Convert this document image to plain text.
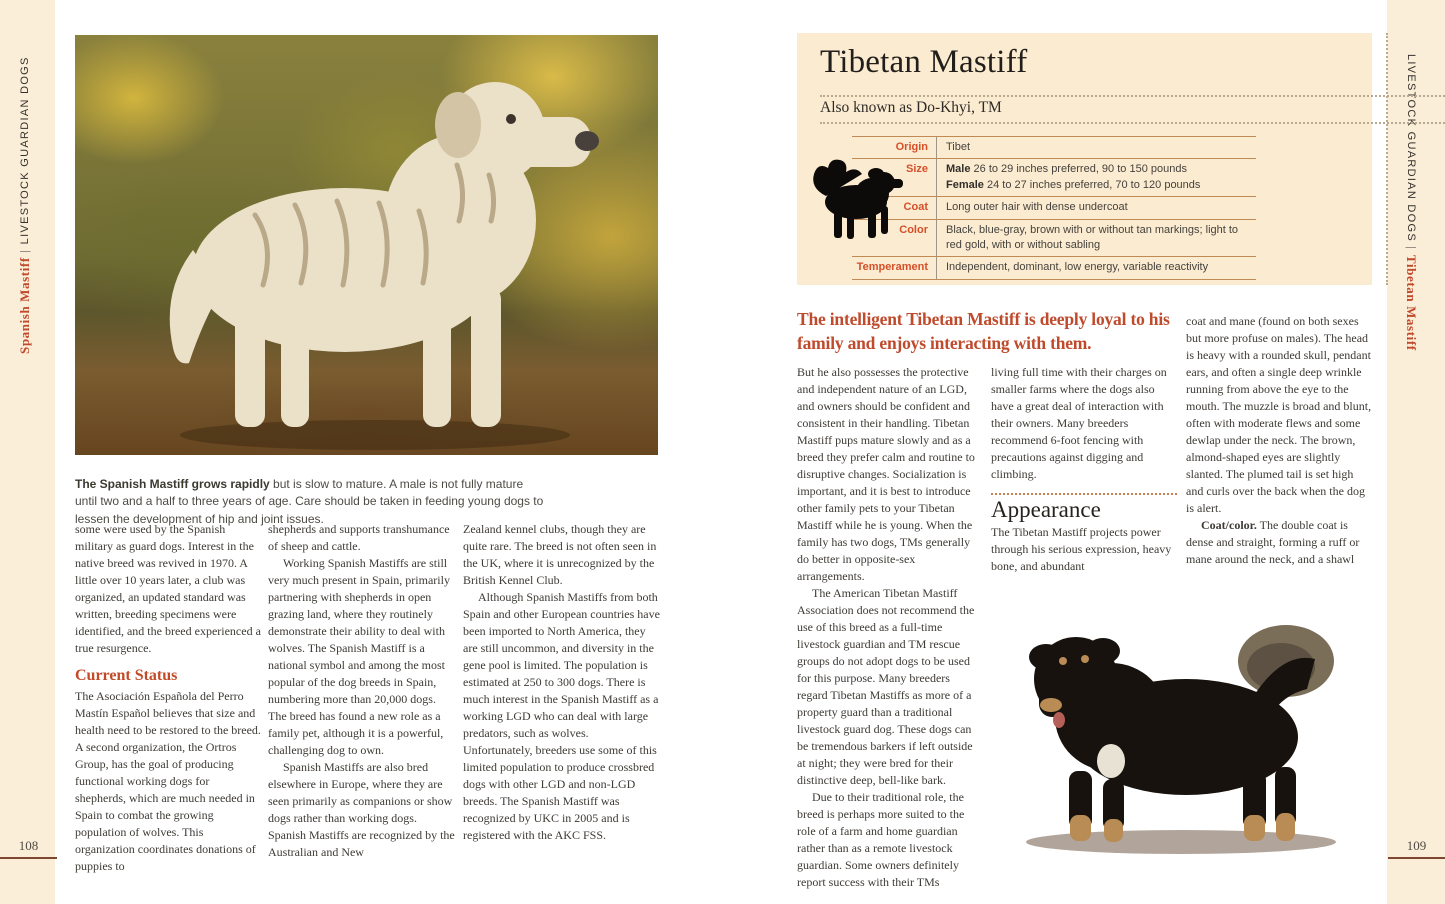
Spanish Mastiff | LIVESTOCK GUARDIAN DOGS	LIVESTOCK GUARDIAN DOGS | Tibetan Mastiff

The Spanish Mastiff grows rapidly but is slow to mature. A male is not fully mature until two and a half to three years of age. Care should be taken in feeding young dogs to lessen the development of hip and joint issues.

some were used by the Spanish military as guard dogs. Interest in the native breed was revived in 1970. A little over 10 years later, a club was organized, an updated standard was written, breeding specimens were identified, and the breed experienced a true resurgence.

Current Status

The Asociación Española del Perro Mastín Español believes that size and health need to be restored to the breed. A second organization, the Ortros Group, has the goal of producing functional working dogs for shepherds, which are much needed in Spain to combat the growing population of wolves. This organization coordinates donations of puppies to

shepherds and supports transhumance of sheep and cattle.

Working Spanish Mastiffs are still very much present in Spain, primarily partnering with shepherds in open grazing land, where they routinely demonstrate their ability to deal with wolves. The Spanish Mastiff is a national symbol and among the most popular of the dog breeds in Spain, numbering more than 20,000 dogs. The breed has found a new role as a family pet, although it is a powerful, challenging dog to own.

Spanish Mastiffs are also bred elsewhere in Europe, where they are seen primarily as companions or show dogs rather than working dogs. Spanish Mastiffs are recognized by the Australian and New

Zealand kennel clubs, though they are quite rare. The breed is not often seen in the UK, where it is unrecognized by the British Kennel Club.

Although Spanish Mastiffs from both Spain and other European countries have been imported to North America, they are still uncommon, and diversity in the gene pool is limited. The population is estimated at 250 to 300 dogs. There is much interest in the Spanish Mastiff as a working LGD who can deal with large predators, such as wolves. Unfortunately, breeders use some of this limited population to produce crossbred dogs with other LGD and non-LGD breeds. The Spanish Mastiff was recognized by UKC in 2005 and is registered with the AKC FSS.

108
Tibetan Mastiff
Also known as Do-Khyi, TM
Origin	Tibet
Size	Male 26 to 29 inches preferred, 90 to 150 pounds
Female 24 to 27 inches preferred, 70 to 120 pounds
Coat	Long outer hair with dense undercoat
Color	Black, blue-gray, brown with or without tan markings; light to red gold, with or without sabling
Temperament	Independent, dominant, low energy, variable reactivity
The intelligent Tibetan Mastiff is deeply loyal to his family and enjoys interacting with them.

But he also possesses the protective and independent nature of an LGD, and owners should be confident and consistent in their handling. Tibetan Mastiff pups mature slowly and as a breed they prefer calm and routine to disruptive changes. Socialization is important, and it is best to introduce other family pets to your Tibetan Mastiff while he is young. When the family has two dogs, TMs generally do better in opposite-sex arrangements.

The American Tibetan Mastiff Association does not recommend the use of this breed as a full-time livestock guardian and TM rescue groups do not adopt dogs to be used for this purpose. Many breeders regard Tibetan Mastiffs as more of a property guard than a traditional livestock guard dog. These dogs can be tremendous barkers if left outside at night; they were bred for their distinctive deep, bell-like bark.

Due to their traditional role, the breed is perhaps more suited to the role of a farm and home guardian rather than as a remote livestock guardian. Some owners definitely report success with their TMs

living full time with their charges on smaller farms where the dogs also have a great deal of interaction with their owners. Many breeders recommend 6-foot fencing with precautions against digging and climbing.

Appearance

The Tibetan Mastiff projects power through his serious expression, heavy bone, and abundant

coat and mane (found on both sexes but more profuse on males). The head is heavy with a rounded skull, pendant ears, and often a single deep wrinkle running from above the eye to the mouth. The muzzle is broad and blunt, often with moderate flews and some dewlap under the neck. The brown, almond-shaped eyes are slightly slanted. The plumed tail is set high and curls over the back when the dog is alert.

Coat/color. The double coat is dense and straight, forming a ruff or mane around the neck, and a shawl

109
